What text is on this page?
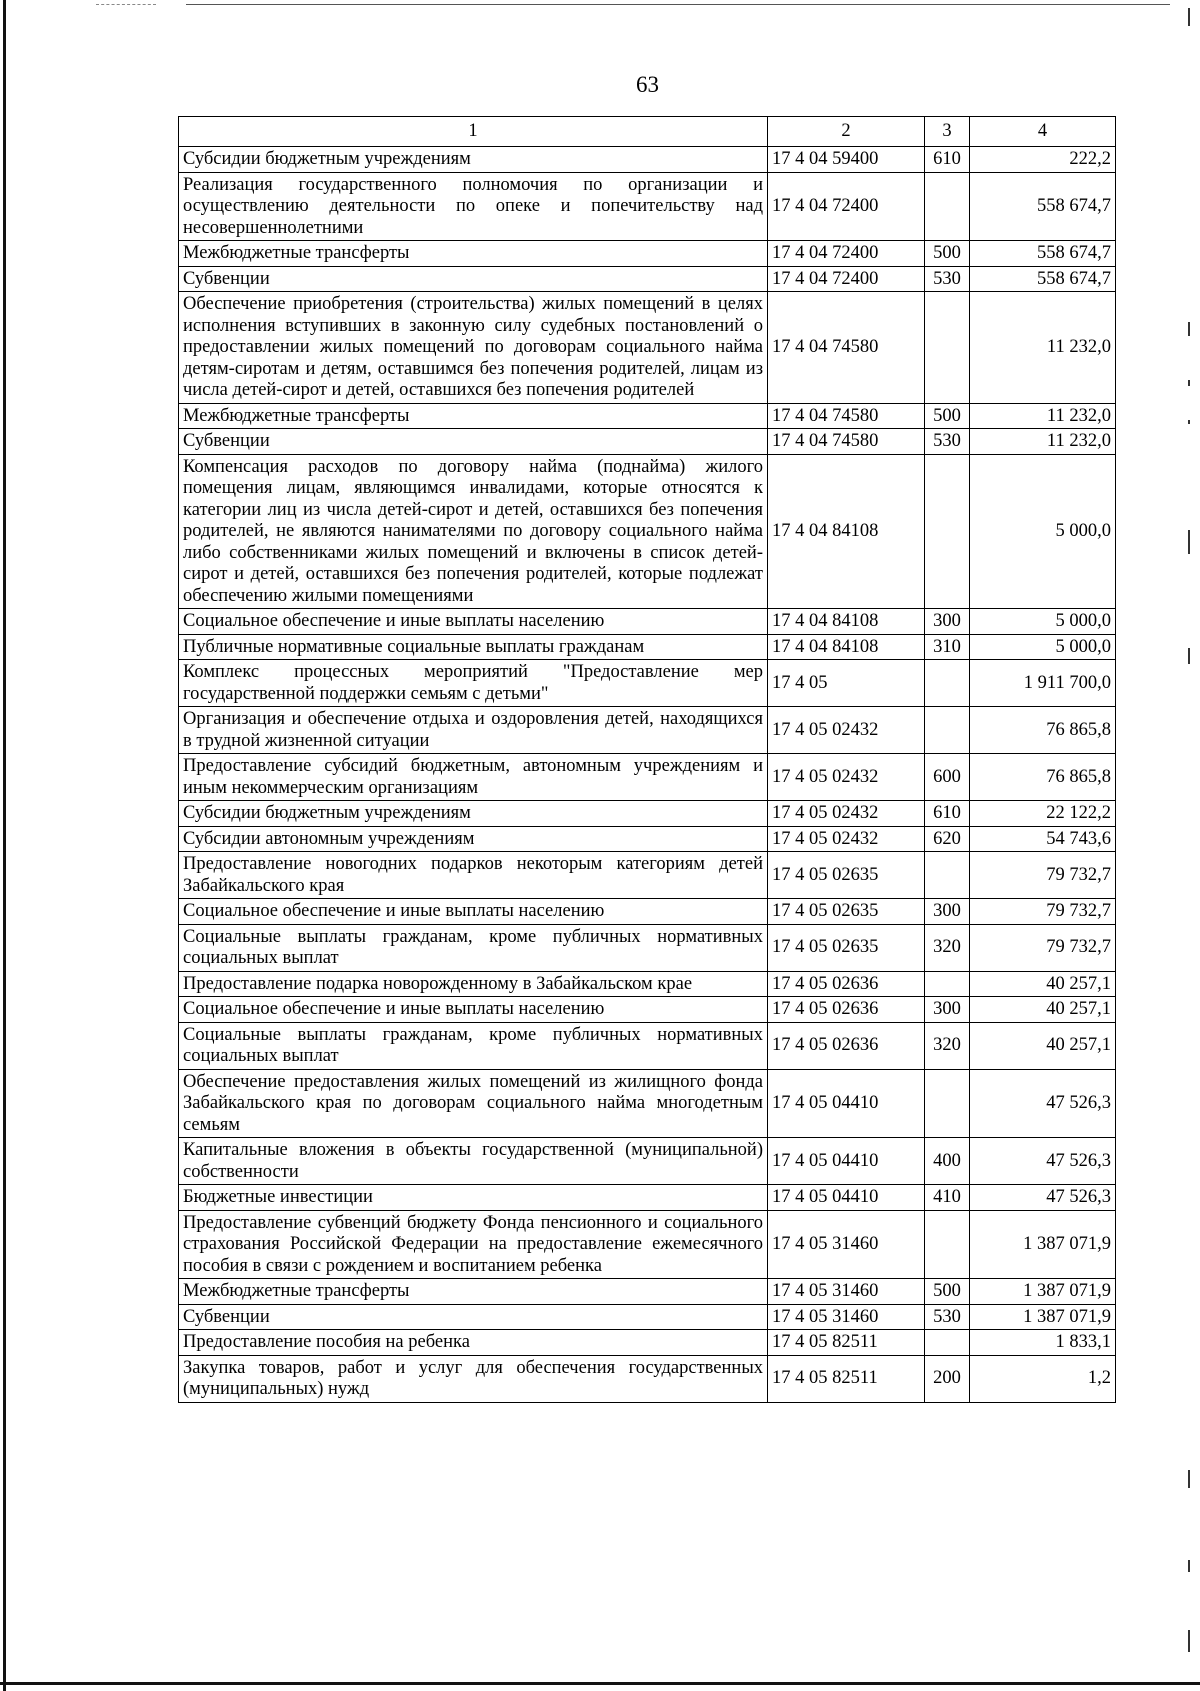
63
1	2	3	4
Субсидии бюджетным учреждениям	17 4 04 59400	610	222,2
Реализация государственного полномочия по организации и осуществлению деятельности по опеке и попечительству над несовершеннолетними	17 4 04 72400		558 674,7
Межбюджетные трансферты	17 4 04 72400	500	558 674,7
Субвенции	17 4 04 72400	530	558 674,7
Обеспечение приобретения (строительства) жилых помещений в целях исполнения вступивших в законную силу судебных постановлений о предоставлении жилых помещений по договорам социального найма детям-сиротам и детям, оставшимся без попечения родителей, лицам из числа детей-сирот и детей, оставшихся без попечения родителей	17 4 04 74580		11 232,0
Межбюджетные трансферты	17 4 04 74580	500	11 232,0
Субвенции	17 4 04 74580	530	11 232,0
Компенсация расходов по договору найма (поднайма) жилого помещения лицам, являющимся инвалидами, которые относятся к категории лиц из числа детей-сирот и детей, оставшихся без попечения родителей, не являются нанимателями по договору социального найма либо собственниками жилых помещений и включены в список детей-сирот и детей, оставшихся без попечения родителей, которые подлежат обеспечению жилыми помещениями	17 4 04 84108		5 000,0
Социальное обеспечение и иные выплаты населению	17 4 04 84108	300	5 000,0
Публичные нормативные социальные выплаты гражданам	17 4 04 84108	310	5 000,0
Комплекс процессных мероприятий "Предоставление мер государственной поддержки семьям с детьми"	17 4 05		1 911 700,0
Организация и обеспечение отдыха и оздоровления детей, находящихся в трудной жизненной ситуации	17 4 05 02432		76 865,8
Предоставление субсидий бюджетным, автономным учреждениям и иным некоммерческим организациям	17 4 05 02432	600	76 865,8
Субсидии бюджетным учреждениям	17 4 05 02432	610	22 122,2
Субсидии автономным учреждениям	17 4 05 02432	620	54 743,6
Предоставление новогодних подарков некоторым категориям детей Забайкальского края	17 4 05 02635		79 732,7
Социальное обеспечение и иные выплаты населению	17 4 05 02635	300	79 732,7
Социальные выплаты гражданам, кроме публичных нормативных социальных выплат	17 4 05 02635	320	79 732,7
Предоставление подарка новорожденному в Забайкальском крае	17 4 05 02636		40 257,1
Социальное обеспечение и иные выплаты населению	17 4 05 02636	300	40 257,1
Социальные выплаты гражданам, кроме публичных нормативных социальных выплат	17 4 05 02636	320	40 257,1
Обеспечение предоставления жилых помещений из жилищного фонда Забайкальского края по договорам социального найма многодетным семьям	17 4 05 04410		47 526,3
Капитальные вложения в объекты государственной (муниципальной) собственности	17 4 05 04410	400	47 526,3
Бюджетные инвестиции	17 4 05 04410	410	47 526,3
Предоставление субвенций бюджету Фонда пенсионного и социального страхования Российской Федерации на предоставление ежемесячного пособия в связи с рождением и воспитанием ребенка	17 4 05 31460		1 387 071,9
Межбюджетные трансферты	17 4 05 31460	500	1 387 071,9
Субвенции	17 4 05 31460	530	1 387 071,9
Предоставление пособия на ребенка	17 4 05 82511		1 833,1
Закупка товаров, работ и услуг для обеспечения государственных (муниципальных) нужд	17 4 05 82511	200	1,2
